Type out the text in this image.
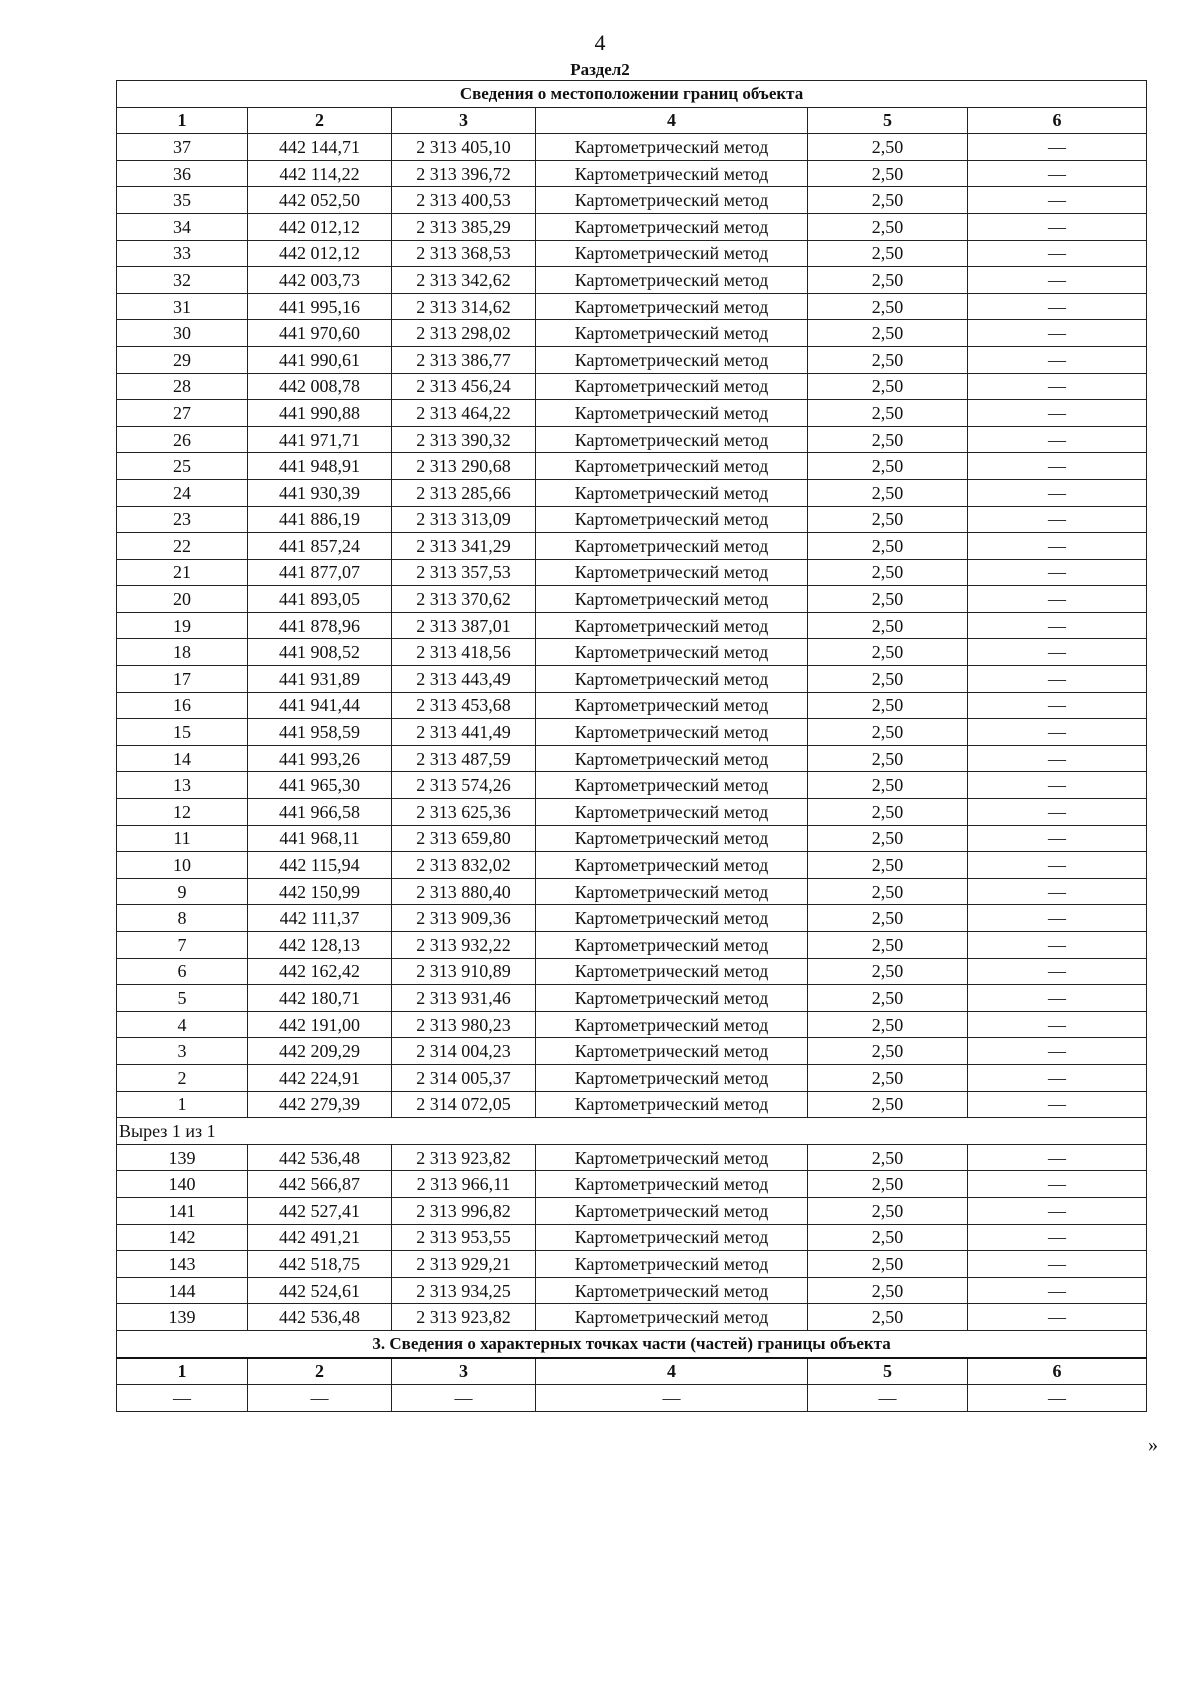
4
Раздел2
Сведения о местоположении границ объекта					
1	2	3	4	5	6
37	442 144,71	2 313 405,10	Картометрический метод	2,50	—
36	442 114,22	2 313 396,72	Картометрический метод	2,50	—
35	442 052,50	2 313 400,53	Картометрический метод	2,50	—
34	442 012,12	2 313 385,29	Картометрический метод	2,50	—
33	442 012,12	2 313 368,53	Картометрический метод	2,50	—
32	442 003,73	2 313 342,62	Картометрический метод	2,50	—
31	441 995,16	2 313 314,62	Картометрический метод	2,50	—
30	441 970,60	2 313 298,02	Картометрический метод	2,50	—
29	441 990,61	2 313 386,77	Картометрический метод	2,50	—
28	442 008,78	2 313 456,24	Картометрический метод	2,50	—
27	441 990,88	2 313 464,22	Картометрический метод	2,50	—
26	441 971,71	2 313 390,32	Картометрический метод	2,50	—
25	441 948,91	2 313 290,68	Картометрический метод	2,50	—
24	441 930,39	2 313 285,66	Картометрический метод	2,50	—
23	441 886,19	2 313 313,09	Картометрический метод	2,50	—
22	441 857,24	2 313 341,29	Картометрический метод	2,50	—
21	441 877,07	2 313 357,53	Картометрический метод	2,50	—
20	441 893,05	2 313 370,62	Картометрический метод	2,50	—
19	441 878,96	2 313 387,01	Картометрический метод	2,50	—
18	441 908,52	2 313 418,56	Картометрический метод	2,50	—
17	441 931,89	2 313 443,49	Картометрический метод	2,50	—
16	441 941,44	2 313 453,68	Картометрический метод	2,50	—
15	441 958,59	2 313 441,49	Картометрический метод	2,50	—
14	441 993,26	2 313 487,59	Картометрический метод	2,50	—
13	441 965,30	2 313 574,26	Картометрический метод	2,50	—
12	441 966,58	2 313 625,36	Картометрический метод	2,50	—
11	441 968,11	2 313 659,80	Картометрический метод	2,50	—
10	442 115,94	2 313 832,02	Картометрический метод	2,50	—
9	442 150,99	2 313 880,40	Картометрический метод	2,50	—
8	442 111,37	2 313 909,36	Картометрический метод	2,50	—
7	442 128,13	2 313 932,22	Картометрический метод	2,50	—
6	442 162,42	2 313 910,89	Картометрический метод	2,50	—
5	442 180,71	2 313 931,46	Картометрический метод	2,50	—
4	442 191,00	2 313 980,23	Картометрический метод	2,50	—
3	442 209,29	2 314 004,23	Картометрический метод	2,50	—
2	442 224,91	2 314 005,37	Картометрический метод	2,50	—
1	442 279,39	2 314 072,05	Картометрический метод	2,50	—
Вырез 1 из 1					
139	442 536,48	2 313 923,82	Картометрический метод	2,50	—
140	442 566,87	2 313 966,11	Картометрический метод	2,50	—
141	442 527,41	2 313 996,82	Картометрический метод	2,50	—
142	442 491,21	2 313 953,55	Картометрический метод	2,50	—
143	442 518,75	2 313 929,21	Картометрический метод	2,50	—
144	442 524,61	2 313 934,25	Картометрический метод	2,50	—
139	442 536,48	2 313 923,82	Картометрический метод	2,50	—
3. Сведения о характерных точках части (частей) границы объекта					
1	2	3	4	5	6
—	—	—	—	—	—
»
